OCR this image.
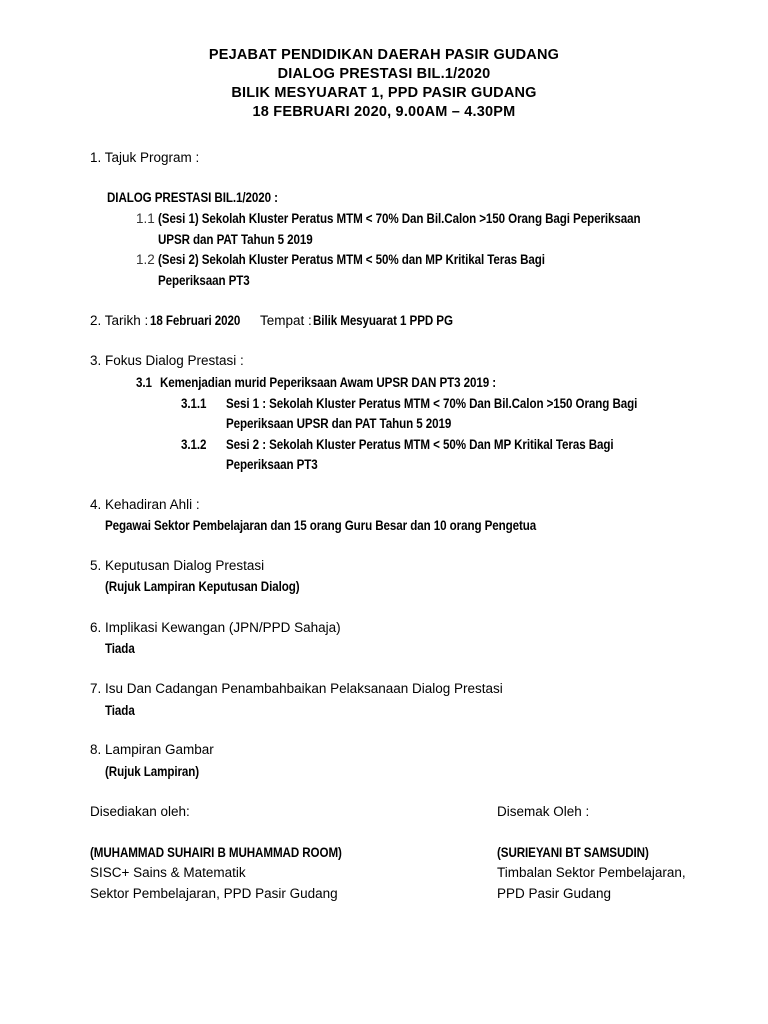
PEJABAT PENDIDIKAN DAERAH PASIR GUDANG
DIALOG PRESTASI BIL.1/2020
BILIK MESYUARAT 1, PPD PASIR GUDANG
18 FEBRUARI 2020, 9.00AM – 4.30PM
1. Tajuk Program :
DIALOG PRESTASI BIL.1/2020 :
1.1 (Sesi 1) Sekolah Kluster Peratus MTM < 70% Dan Bil.Calon >150 Orang Bagi Peperiksaan
UPSR dan PAT Tahun 5 2019
1.2 (Sesi 2) Sekolah Kluster Peratus MTM < 50% dan MP Kritikal Teras Bagi
Peperiksaan PT3
2. Tarikh : 18 Februari 2020 Tempat : Bilik Mesyuarat 1 PPD PG
3. Fokus Dialog Prestasi :
3.1 Kemenjadian murid Peperiksaan Awam UPSR DAN PT3 2019 :
3.1.1 Sesi 1 : Sekolah Kluster Peratus MTM < 70% Dan Bil.Calon >150 Orang Bagi
Peperiksaan UPSR dan PAT Tahun 5 2019
3.1.2 Sesi 2 : Sekolah Kluster Peratus MTM < 50% Dan MP Kritikal Teras Bagi
Peperiksaan PT3
4. Kehadiran Ahli :
Pegawai Sektor Pembelajaran dan 15 orang Guru Besar dan 10 orang Pengetua
5. Keputusan Dialog Prestasi
(Rujuk Lampiran Keputusan Dialog)
6. Implikasi Kewangan (JPN/PPD Sahaja)
Tiada
7. Isu Dan Cadangan Penambahbaikan Pelaksanaan Dialog Prestasi
Tiada
8. Lampiran Gambar
(Rujuk Lampiran)
Disediakan oleh:
(MUHAMMAD SUHAIRI B MUHAMMAD ROOM)
SISC+ Sains & Matematik
Sektor Pembelajaran, PPD Pasir Gudang
Disemak Oleh :
(SURIEYANI BT SAMSUDIN)
Timbalan Sektor Pembelajaran,
PPD Pasir Gudang
